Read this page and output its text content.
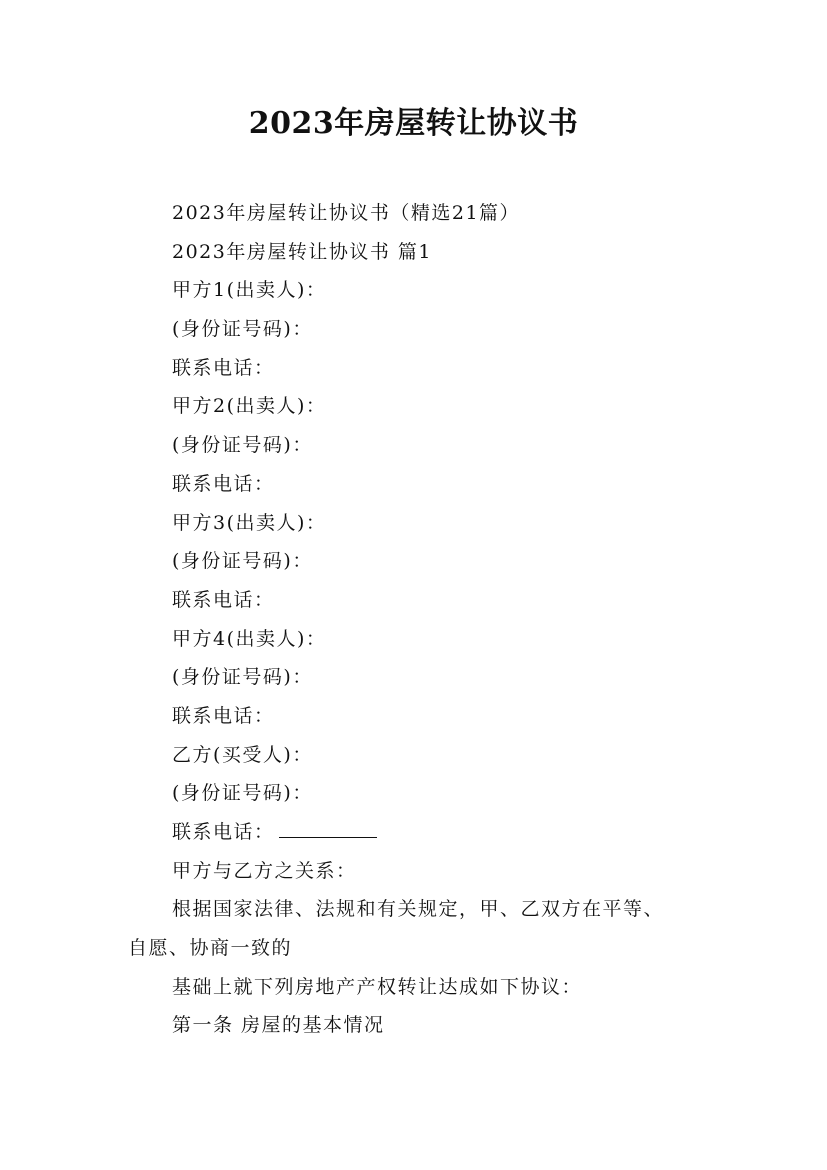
2023年房屋转让协议书
2023年房屋转让协议书（精选21篇）
2023年房屋转让协议书 篇1
甲方1(出卖人)：
(身份证号码)：
联系电话：
甲方2(出卖人)：
(身份证号码)：
联系电话：
甲方3(出卖人)：
(身份证号码)：
联系电话：
甲方4(出卖人)：
(身份证号码)：
联系电话：
乙方(买受人)：
(身份证号码)：
联系电话：
甲方与乙方之关系：
根据国家法律、法规和有关规定，甲、乙双方在平等、
自愿、协商一致的
基础上就下列房地产产权转让达成如下协议：
第一条 房屋的基本情况
